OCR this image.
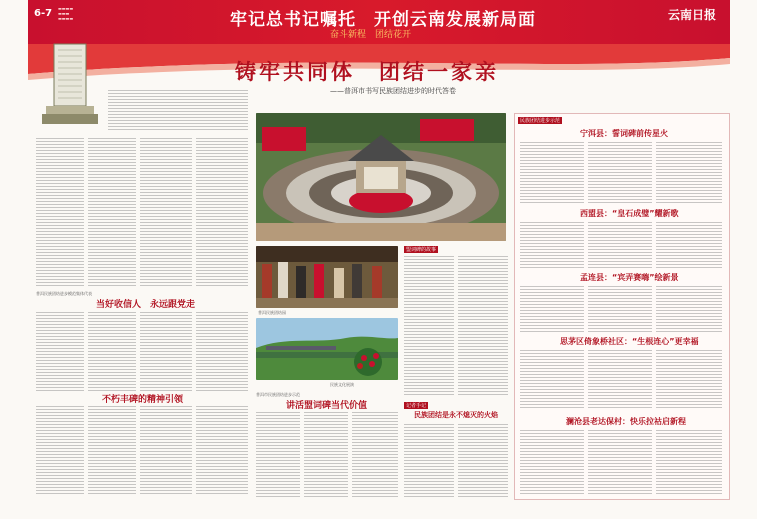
6-7 ▬▬▬▬
▬▬▬
▬▬▬▬	牢记总书记嘱托　开创云南发展新局面
奋斗新程　团结花开
云南日报
铸牢共同体　团结一家亲
——普洱市书写民族团结进步的时代答卷
普洱民族团结进步模范集体代表
当好收信人　永远跟党走
不朽丰碑的精神引领
普洱民族团结园
民族文化展演
普洱市民族团结进步示范
讲活盟词碑当代价值
盟词碑的故事
记者手记
民族团结是永不熄灭的火焰
民族团结进步示范
宁洱县：誓词碑前传星火
西盟县：“皇石成璧”耀新歌
孟连县：“宾弄赛嗨”绘新景
思茅区倚象桥社区：“生根连心”更幸福
澜沧县老达保村：快乐拉祜启新程
